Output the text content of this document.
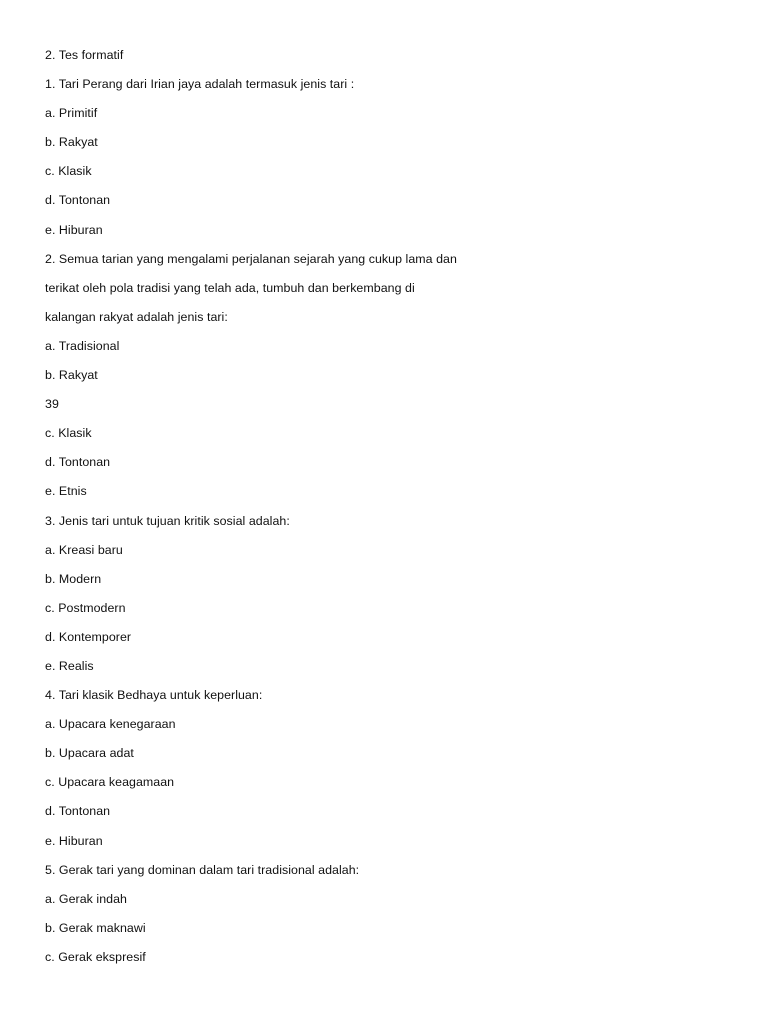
2. Tes formatif
1. Tari Perang dari Irian jaya adalah termasuk jenis tari :
a. Primitif
b. Rakyat
c. Klasik
d. Tontonan
e. Hiburan
2. Semua tarian yang mengalami perjalanan sejarah yang cukup lama dan
terikat oleh pola tradisi yang telah ada, tumbuh dan berkembang di
kalangan rakyat adalah jenis tari:
a. Tradisional
b. Rakyat
39
c. Klasik
d. Tontonan
e. Etnis
3. Jenis tari untuk tujuan kritik sosial adalah:
a. Kreasi baru
b. Modern
c. Postmodern
d. Kontemporer
e. Realis
4. Tari klasik Bedhaya untuk keperluan:
a. Upacara kenegaraan
b. Upacara adat
c. Upacara keagamaan
d. Tontonan
e. Hiburan
5. Gerak tari yang dominan dalam tari tradisional adalah:
a. Gerak indah
b. Gerak maknawi
c. Gerak ekspresif
